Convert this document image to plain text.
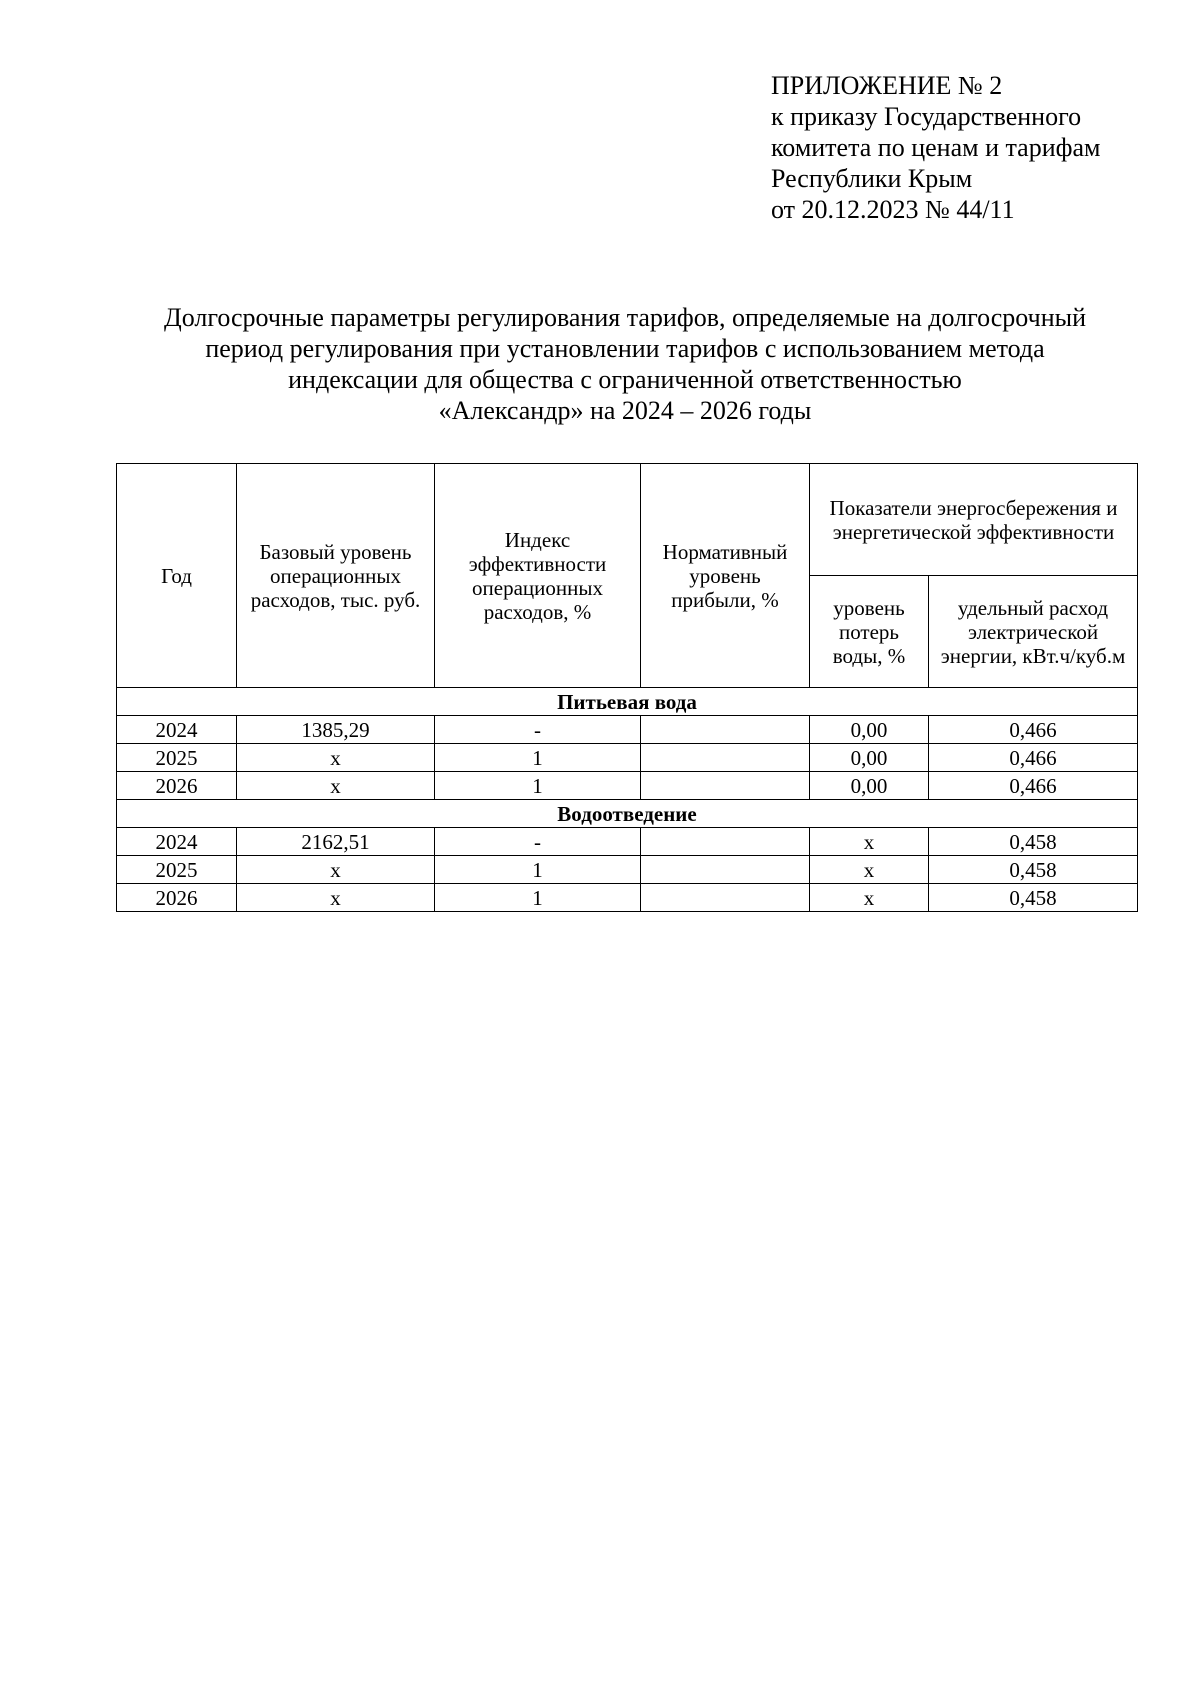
ПРИЛОЖЕНИЕ № 2
к приказу Государственного
комитета по ценам и тарифам
Республики Крым
от 20.12.2023 № 44/11
Долгосрочные параметры регулирования тарифов, определяемые на долгосрочный
период регулирования при установлении тарифов с использованием метода
индексации для общества с ограниченной ответственностью
«Александр» на 2024 – 2026 годы
Год	Базовый уровень операционных расходов, тыс. руб.	Индекс эффективности операционных расходов, %	Нормативный уровень прибыли, %	Показатели энергосбережения и энергетической эффективности	
				уровень потерь воды, %	удельный расход электрической энергии, кВт.ч/куб.м
Питьевая вода					
2024	1385,29	-		0,00	0,466
2025	х	1		0,00	0,466
2026	х	1		0,00	0,466
Водоотведение					
2024	2162,51	-		х	0,458
2025	х	1		х	0,458
2026	х	1		х	0,458
